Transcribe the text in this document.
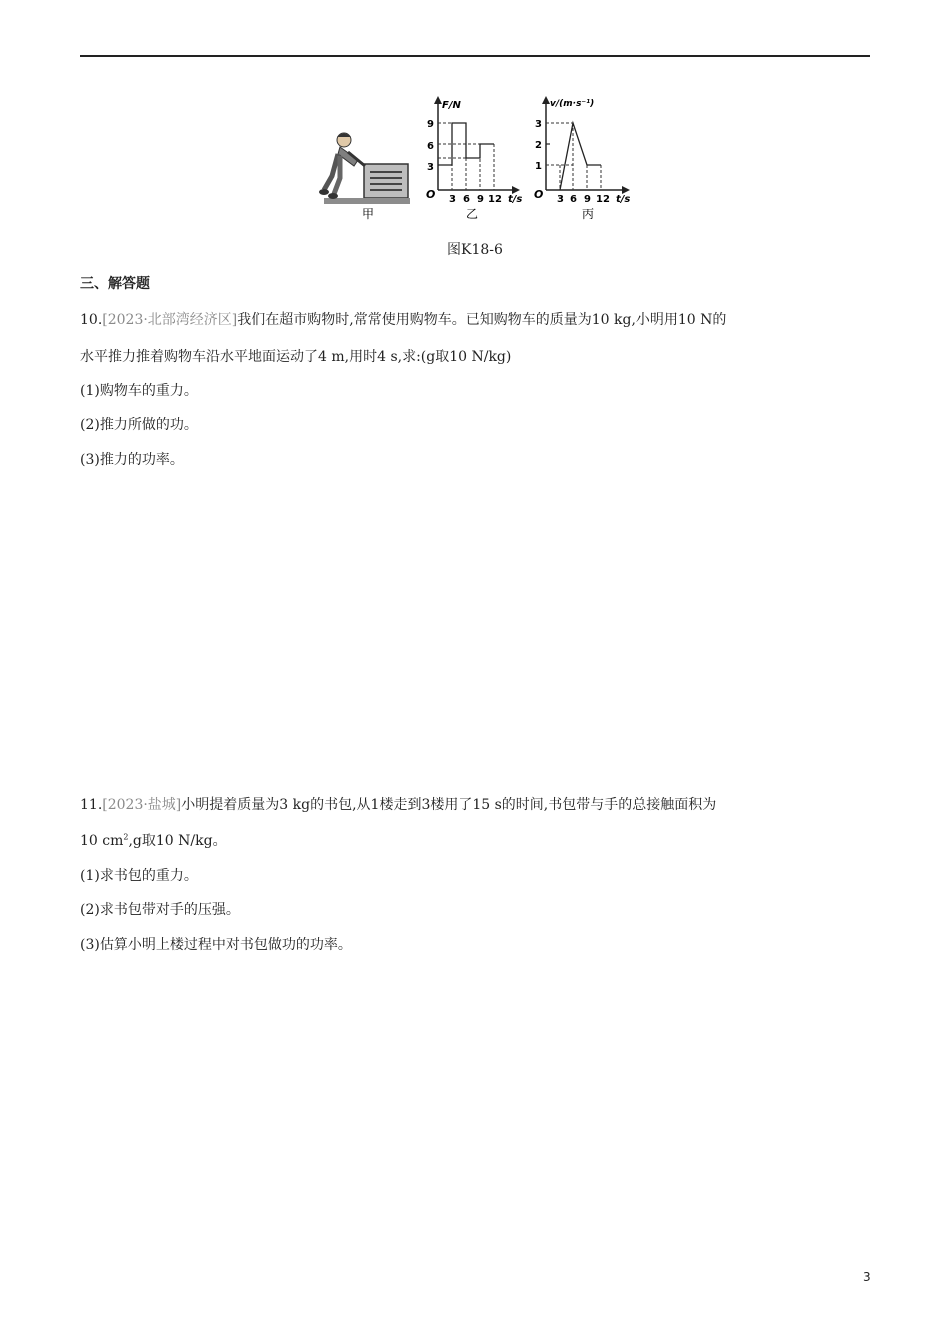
甲
F/N
t/s
O 3 6 9 12
3
6
9
乙
v/(m·s⁻¹)
t/s
O 3 6 9 12
1
2
3
丙
图K18-6
三、解答题
10.[2023·北部湾经济区]我们在超市购物时,常常使用购物车。已知购物车的质量为10 kg,小明用10 N的
水平推力推着购物车沿水平地面运动了4 m,用时4 s,求:(g取10 N/kg)
(1)购物车的重力。
(2)推力所做的功。
(3)推力的功率。
11.[2023·盐城]小明提着质量为3 kg的书包,从1楼走到3楼用了15 s的时间,书包带与手的总接触面积为
10 $cm^2,g$取10 N/kg。
(1)求书包的重力。
(2)求书包带对手的压强。
(3)估算小明上楼过程中对书包做功的功率。
3
